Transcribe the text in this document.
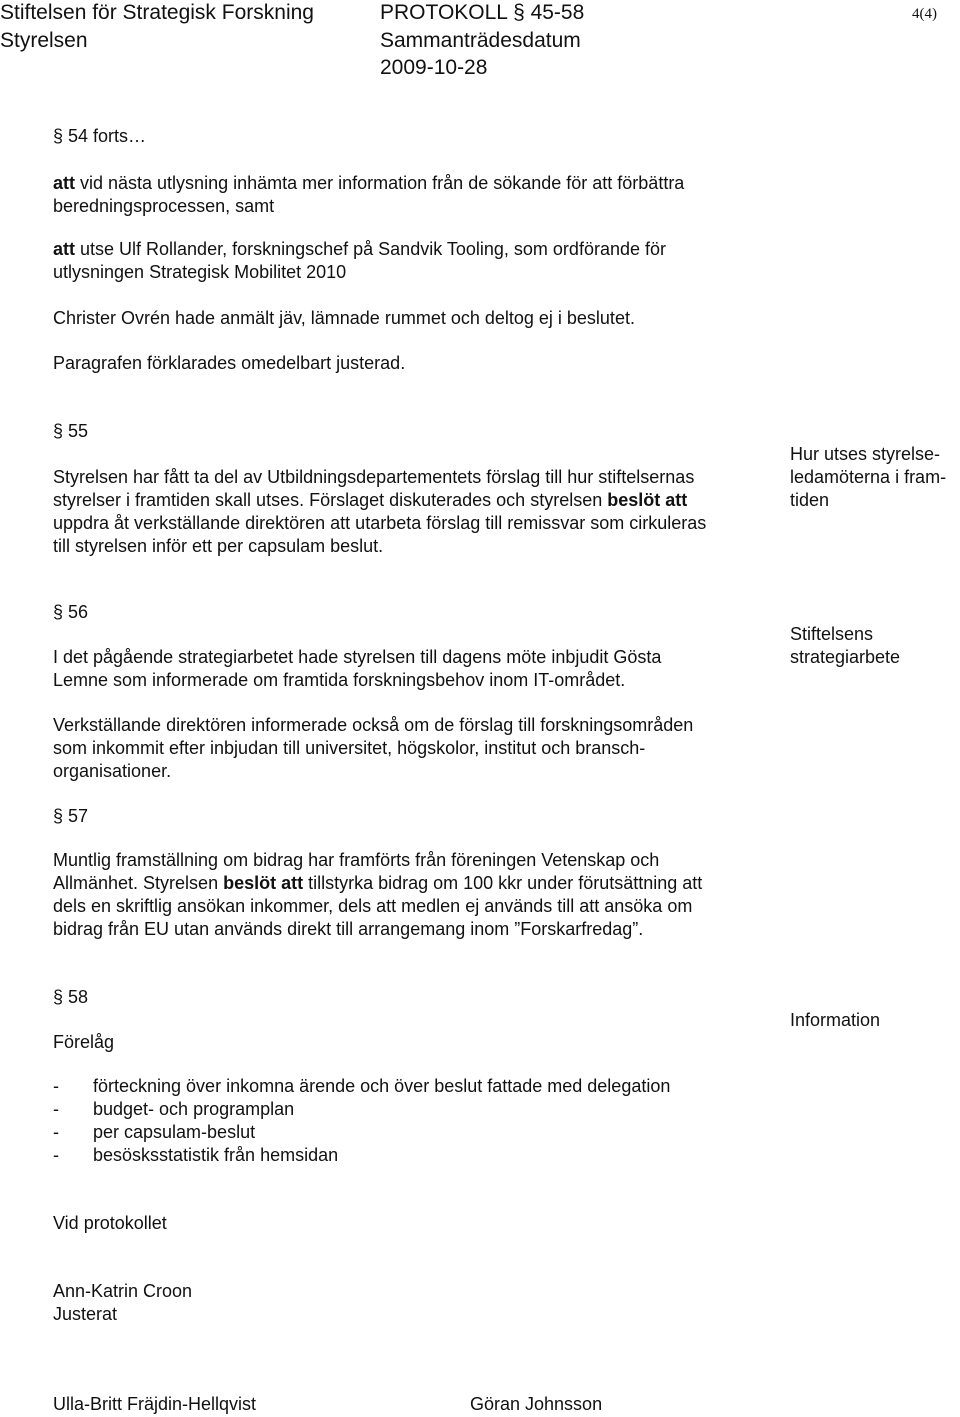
Stiftelsen för Strategisk Forskning	PROTOKOLL § 45-58	4(4)
Styrelsen	Sammanträdesdatum
2009-10-28
§ 54 forts…

att vid nästa utlysning inhämta mer information från de sökande för att förbättra

beredningsprocessen, samt

att utse Ulf Rollander, forskningschef på Sandvik Tooling, som ordförande för

utlysningen Strategisk Mobilitet 2010

Christer Ovrén hade anmält jäv, lämnade rummet och deltog ej i beslutet.
Paragrafen förklarades omedelbart justerad.
§ 55

Styrelsen har fått ta del av Utbildningsdepartementets förslag till hur stiftelsernas

styrelser i framtiden skall utses. Förslaget diskuterades och styrelsen beslöt att

uppdra åt verkställande direktören att utarbeta förslag till remissvar som cirkuleras

till styrelsen inför ett per capsulam beslut.

Hur utses styrelse-
ledamöterna i fram-
tiden
§ 56

I det pågående strategiarbetet hade styrelsen till dagens möte inbjudit Gösta

Lemne som informerade om framtida forskningsbehov inom IT-området.

Verkställande direktören informerade också om de förslag till forskningsområden

som inkommit efter inbjudan till universitet, högskolor, institut och bransch-

organisationer.

Stiftelsens
strategiarbete
§ 57

Muntlig framställning om bidrag har framförts från föreningen Vetenskap och

Allmänhet. Styrelsen beslöt att tillstyrka bidrag om 100 kkr under förutsättning att

dels en skriftlig ansökan inkommer, dels att medlen ej används till att ansöka om

bidrag från EU utan används direkt till arrangemang inom ”Forskarfredag”.

§ 58
Förelåg
Information
- förteckning över inkomna ärende och över beslut fattade med delegation
- budget- och programplan
- per capsulam-beslut
- besösksstatistik från hemsidan
Vid protokollet
Ann-Katrin Croon
Justerat
Ulla-Britt Fräjdin-Hellqvist	Göran Johnsson
